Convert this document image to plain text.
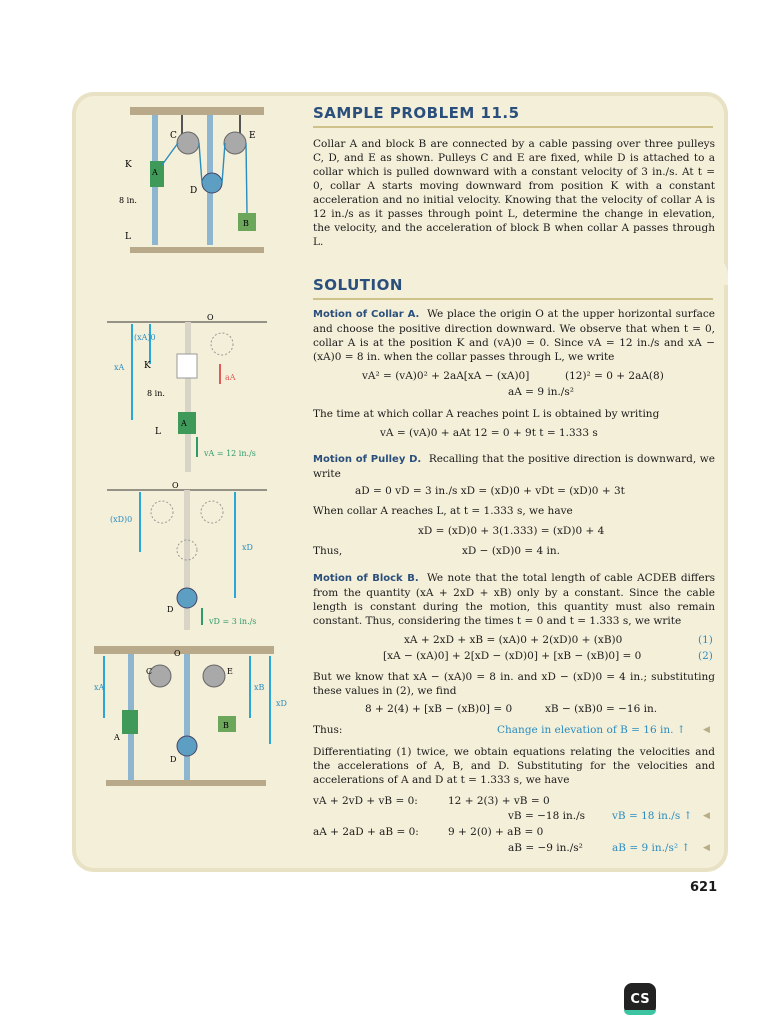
SAMPLE PROBLEM 11.5
Collar A and block B are connected by a cable passing over three pulleys C, D, and E as shown. Pulleys C and E are fixed, while D is attached to a collar which is pulled downward with a constant velocity of 3 in./s. At t = 0, collar A starts moving downward from position K with a constant acceleration and no initial velocity. Knowing that the velocity of collar A is 12 in./s as it passes through point L, determine the change in elevation, the velocity, and the acceleration of block B when collar A passes through L.
SOLUTION
Motion of Collar A. We place the origin O at the upper horizontal surface and choose the positive direction downward. We observe that when t = 0, collar A is at the position K and (vA)0 = 0. Since vA = 12 in./s and xA − (xA)0 = 8 in. when the collar passes through L, we write
vA² = (vA)0² + 2aA[xA − (xA)0]	(12)² = 0 + 2aA(8)
aA = 9 in./s²
The time at which collar A reaches point L is obtained by writing
vA = (vA)0 + aAt 12 = 0 + 9t t = 1.333 s
Motion of Pulley D. Recalling that the positive direction is downward, we write
aD = 0 vD = 3 in./s xD = (xD)0 + vDt = (xD)0 + 3t
When collar A reaches L, at t = 1.333 s, we have
xD = (xD)0 + 3(1.333) = (xD)0 + 4
Thus,	xD − (xD)0 = 4 in.
Motion of Block B. We note that the total length of cable ACDEB differs from the quantity (xA + 2xD + xB) only by a constant. Since the cable length is constant during the motion, this quantity must also remain constant. Thus, considering the times t = 0 and t = 1.333 s, we write
xA + 2xD + xB = (xA)0 + 2(xD)0 + (xB)0	(1)
[xA − (xA)0] + 2[xD − (xD)0] + [xB − (xB)0] = 0	(2)
But we know that xA − (xA)0 = 8 in. and xD − (xD)0 = 4 in.; substituting these values in (2), we find
8 + 2(4) + [xB − (xB)0] = 0	xB − (xB)0 = −16 in.
Thus:	Change in elevation of B = 16 in. ↑ ◀
Differentiating (1) twice, we obtain equations relating the velocities and the accelerations of A, B, and D. Substituting for the velocities and accelerations of A and D at t = 1.333 s, we have
vA + 2vD + vB = 0:	12 + 2(3) + vB = 0
vB = −18 in./s	vB = 18 in./s ↑ ◀
aA + 2aD + aB = 0:	9 + 2(0) + aB = 0
aB = −9 in./s²	aB = 9 in./s² ↑ ◀
C	E
K
A
D
8 in.
L
B
O
(xA)0
xA K
aA
8 in.
L
A
vA = 12 in./s
O
(xD)0
xD
D
vD = 3 in./s
O
C	E
xA	xB
xD
A
B
D
621
CS
